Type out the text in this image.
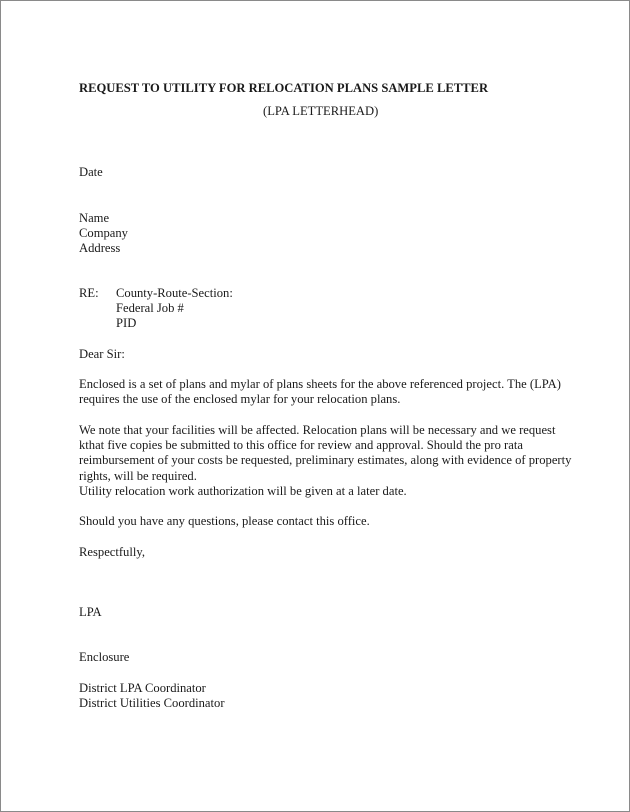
REQUEST TO UTILITY FOR RELOCATION PLANS SAMPLE LETTER
(LPA LETTERHEAD)
Date
Name
Company
Address
RE: County-Route-Section:
Federal Job #
PID
Dear Sir:
Enclosed is a set of plans and mylar of plans sheets for the above referenced project. The (LPA) requires the use of the enclosed mylar for your relocation plans.
We note that your facilities will be affected. Relocation plans will be necessary and we request kthat five copies be submitted to this office for review and approval. Should the pro rata reimbursement of your costs be requested, preliminary estimates, along with evidence of property rights, will be required.
Utility relocation work authorization will be given at a later date.
Should you have any questions, please contact this office.
Respectfully,
LPA
Enclosure
District LPA Coordinator
District Utilities Coordinator
